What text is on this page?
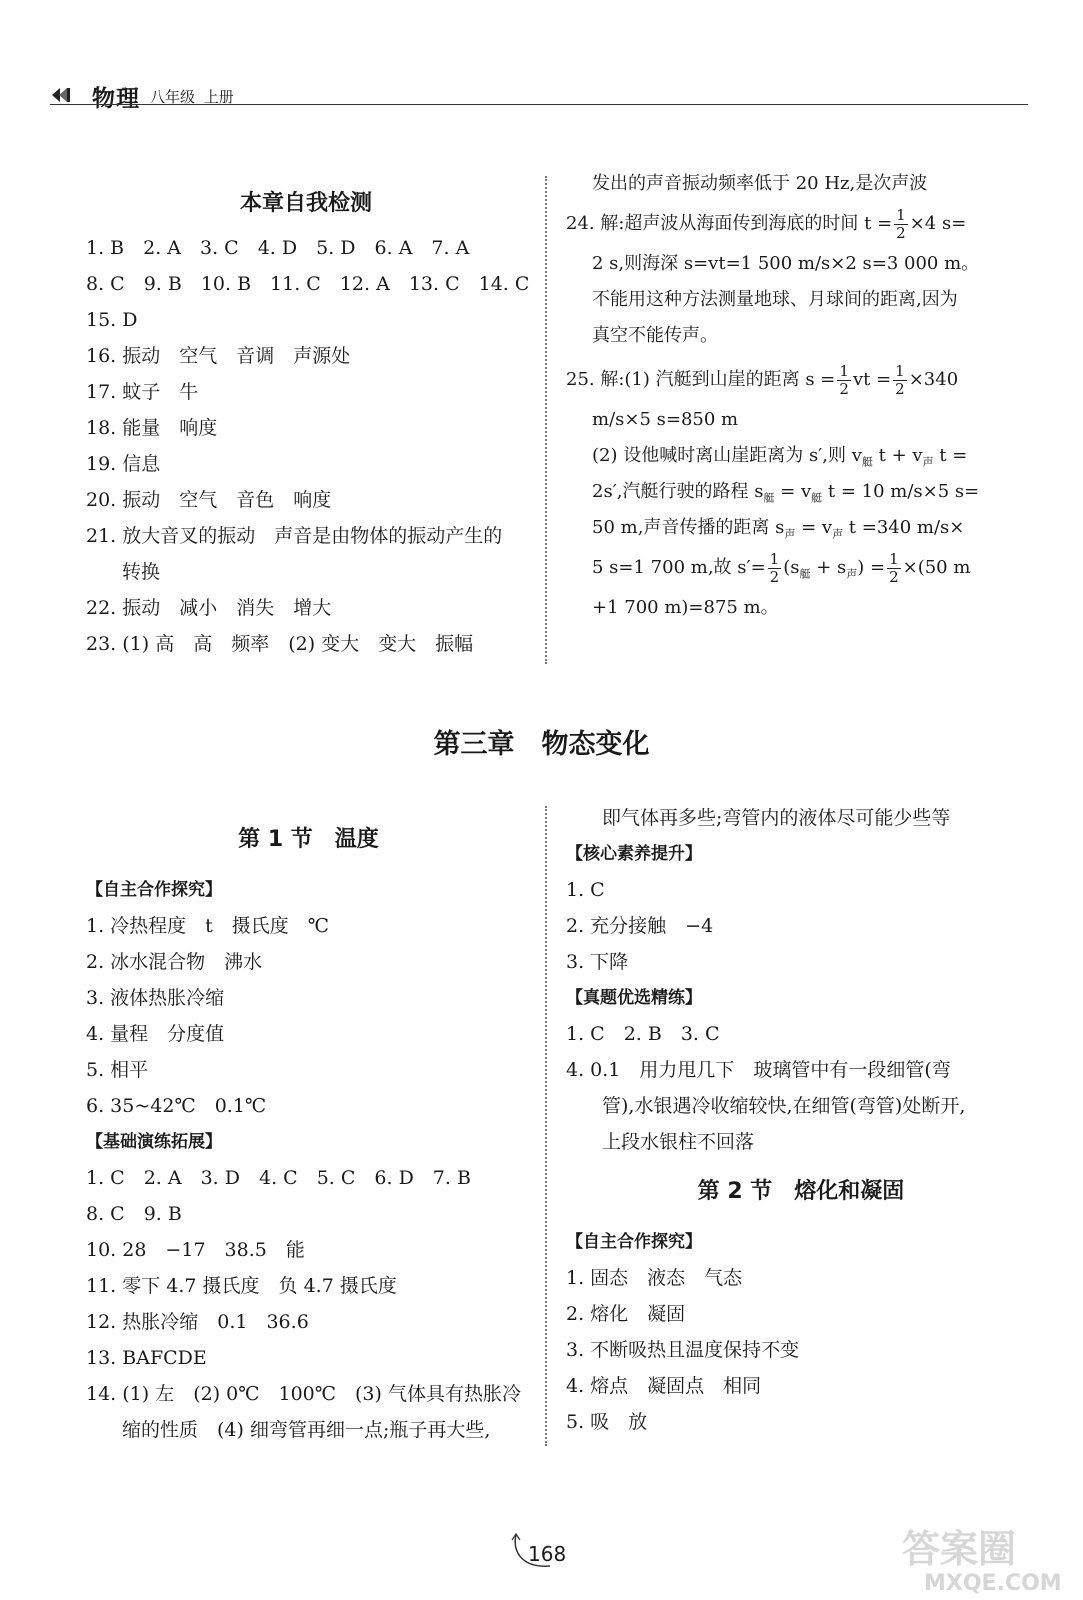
物理 八年级 上册
本章自我检测
1. B　2. A　3. C　4. D　5. D　6. A　7. A
8. C　9. B　10. B　11. C　12. A　13. C　14. C
15. D
16. 振动　空气　音调　声源处
17. 蚊子　牛
18. 能量　响度
19. 信息
20. 振动　空气　音色　响度
21. 放大音叉的振动　声音是由物体的振动产生的
转换
22. 振动　减小　消失　增大
23. (1) 高　高　频率　(2) 变大　变大　振幅
发出的声音振动频率低于 20 Hz,是次声波
24. 解:超声波从海面传到海底的时间 $t = \frac{1}{2} \times 4$ s=
2 s,则海深 s=vt=1 500 m/s×2 s=3 000 m。
不能用这种方法测量地球、月球间的距离,因为
真空不能传声。
25. 解:(1) 汽艇到山崖的距离 $s = \frac{1}{2}$ vt = $\frac{1}{2} \times 340$
m/s×5 s=850 m
(2) 设他喊时离山崖距离为 s′,则 $v_艇$ $t + v_声$ t =
2s′,汽艇行驶的路程 $s_艇 = v_艇$ t = 10 m/s×5 s=
50 m,声音传播的距离 $s_声 = v_声$ t =340 m/s×
5 s=1 700 m,故 $s'= \frac{1}{2} (s_艇 + s_声) = \frac{1}{2} \times(50$ m
+1 700 m)=875 m。
第三章　物态变化
第 1 节　温度
【自主合作探究】
1. 冷热程度　t　摄氏度　℃
2. 冰水混合物　沸水
3. 液体热胀冷缩
4. 量程　分度值
5. 相平
6. 35~42℃　0.1℃
【基础演练拓展】
1. C　2. A　3. D　4. C　5. C　6. D　7. B
8. C　9. B
10. 28　−17　38.5　能
11. 零下 4.7 摄氏度　负 4.7 摄氏度
12. 热胀冷缩　0.1　36.6
13. BAFCDE
14. (1) 左　(2) 0℃　100℃　(3) 气体具有热胀冷
缩的性质　(4) 细弯管再细一点;瓶子再大些,
即气体再多些;弯管内的液体尽可能少些等
【核心素养提升】
1. C
2. 充分接触　−4
3. 下降
【真题优选精练】
1. C　2. B　3. C
4. 0.1　用力甩几下　玻璃管中有一段细管(弯
管),水银遇冷收缩较快,在细管(弯管)处断开,
上段水银柱不回落
第 2 节　熔化和凝固
【自主合作探究】
1. 固态　液态　气态
2. 熔化　凝固
3. 不断吸热且温度保持不变
4. 熔点　凝固点　相同
5. 吸　放
168	答案圈
MXQE.COM
